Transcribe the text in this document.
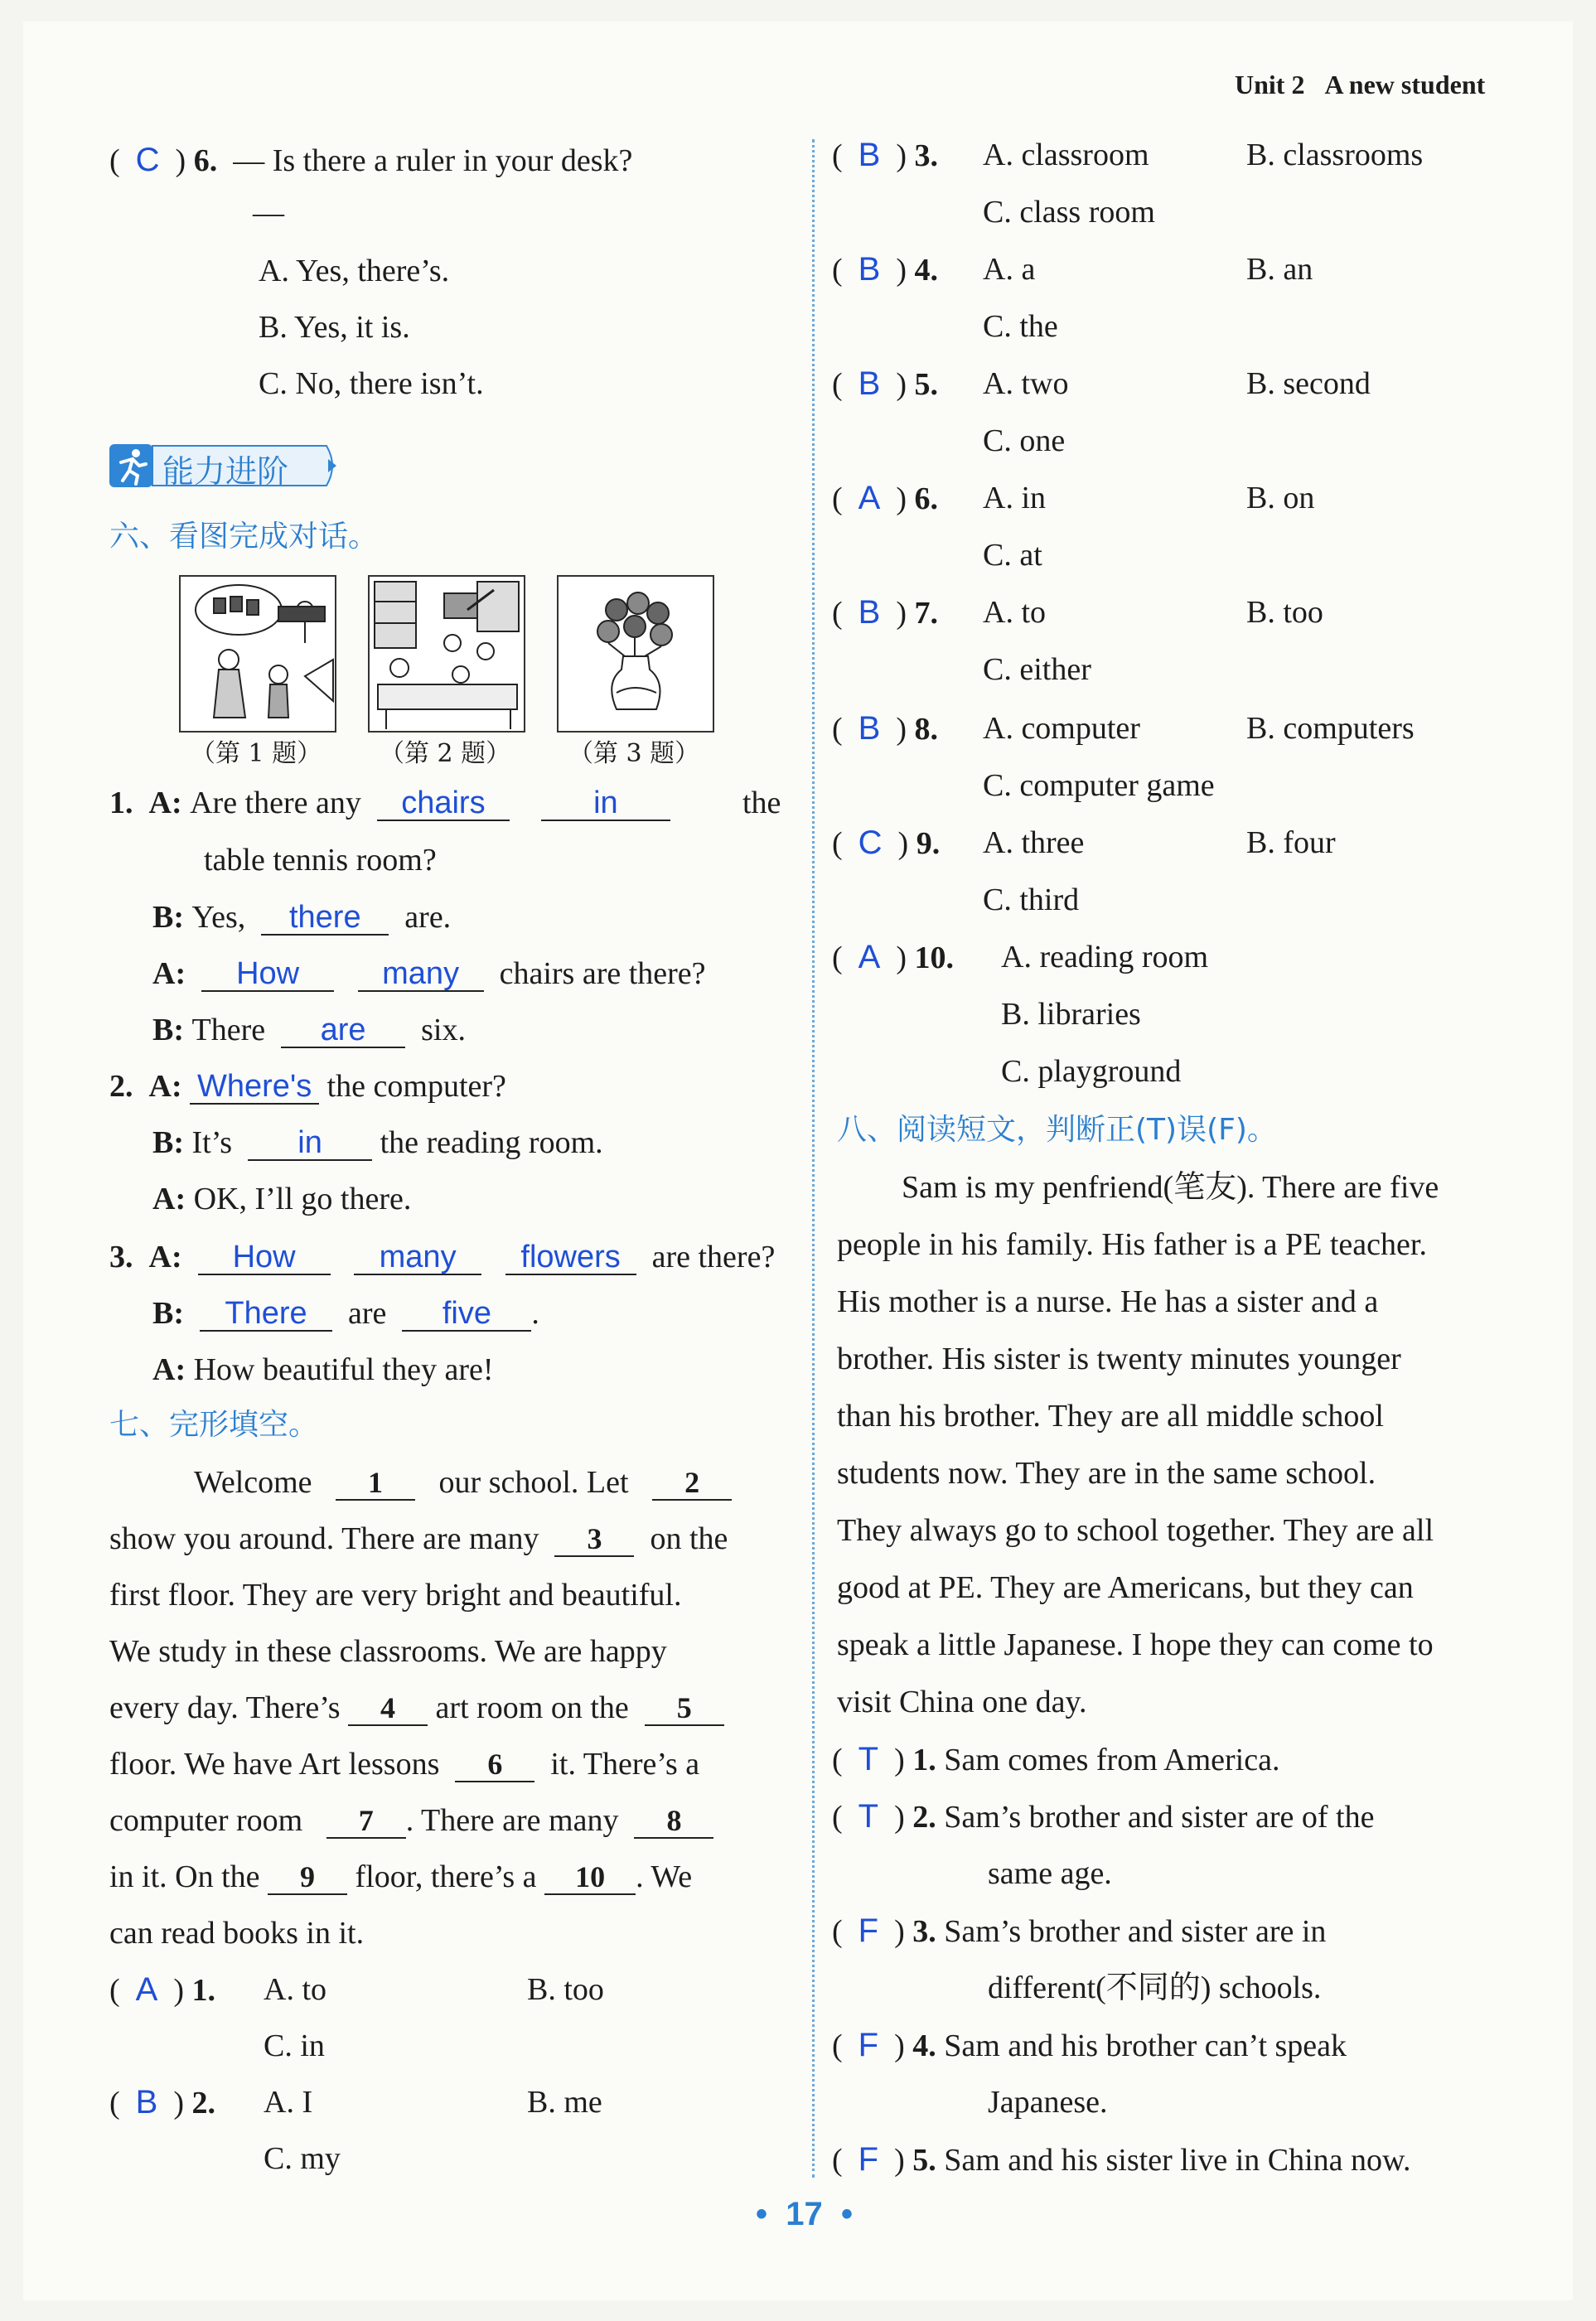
Unit 2 A new student
( C ) 6. — Is there a ruler in your desk?
—
A. Yes, there’s.
B. Yes, it is.
C. No, there isn’t.
能力进阶
六、看图完成对话。
（第 1 题） （第 2 题） （第 3 题）
1. A: Are there any chairs	in	the
table tennis room?
B: Yes, there are.
A: How	many chairs are there?
B: There are six.
2. A: Where's the computer?
B: It’s in the reading room.
A: OK, I’ll go there.
3. A: How	many flowers are there?
B: There are five .
A: How beautiful they are!
七、完形填空。
Welcome 1 our school. Let 2
show you around. There are many 3 on the
first floor. They are very bright and beautiful.
We study in these classrooms. We are happy
every day. There’s 4 art room on the 5
floor. We have Art lessons 6 it. There’s a
computer room 7 . There are many 8
in it. On the 9 floor, there’s a 10 . We
can read books in it.
(  A  ) 1. A. to	B. too
C. in
(  B  ) 2. A. I	B. me
C. my
(  B  ) 3. A. classroom	B. classrooms
C. class room
(  B  ) 4. A. a	B. an
C. the
(  B  ) 5. A. two	B. second
C. one
(  A  ) 6. A. in	B. on
C. at
(  B  ) 7. A. to	B. too
C. either
(  B  ) 8. A. computer	B. computers
C. computer game
(  C  ) 9. A. three	B. four
C. third
(  A  ) 10. A. reading room
B. libraries
C. playground
八、阅读短文，判断正(T)误(F)。
Sam is my penfriend(笔友). There are five
people in his family. His father is a PE teacher.
His mother is a nurse. He has a sister and a
brother. His sister is twenty minutes younger
than his brother. They are all middle school
students now. They are in the same school.
They always go to school together. They are all
good at PE. They are Americans, but they can
speak a little Japanese. I hope they can come to
visit China one day.
(  T  ) 1. Sam comes from America.
(  T  ) 2. Sam’s brother and sister are of the
same age.
(  F  ) 3. Sam’s brother and sister are in
different(不同的) schools.
(  F  ) 4. Sam and his brother can’t speak
Japanese.
(  F  ) 5. Sam and his sister live in China now.
• 17 •
